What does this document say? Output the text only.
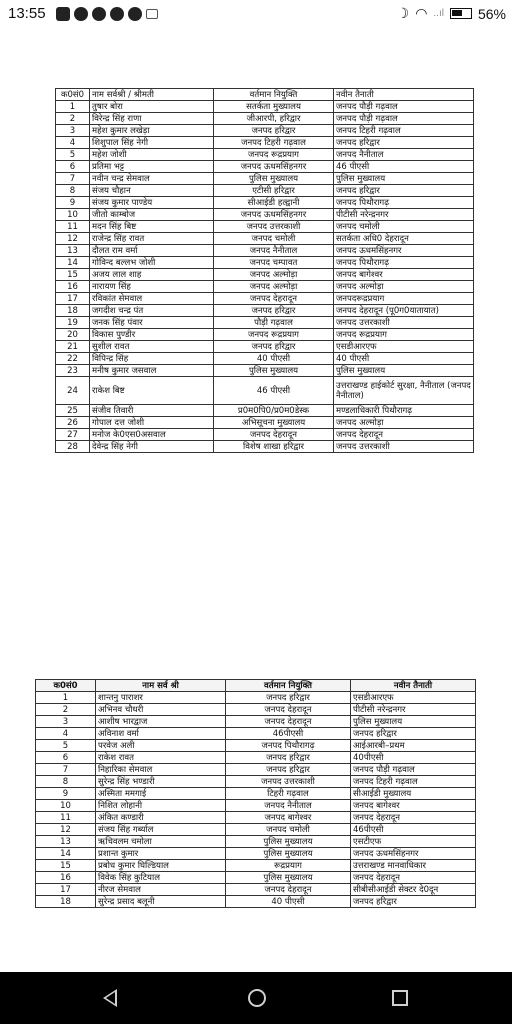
13:55	☽ ◠ ..ıl 56%
क0सं0	नाम सर्वश्री / श्रीमती	वर्तमान नियुक्ति	नवीन तैनाती
1	तुषार बोरा	सतर्कता मुख्यालय	जनपद पौड़ी गढ़वाल
2	विरेन्द्र सिंह राणा	जीआरपी, हरिद्वार	जनपद पौड़ी गढ़वाल
3	महेश कुमार लखेड़ा	जनपद हरिद्वार	जनपद टिहरी गढ़वाल
4	शिशुपाल सिंह नेगी	जनपद टिहरी गढ़वाल	जनपद हरिद्वार
5	महेश जोशी	जनपद रूद्रप्रयाग	जनपद नैनीताल
6	प्रतिमा भट्ट	जनपद ऊधमसिंहनगर	46 पीएसी
7	नवीन चन्द्र सेमवाल	पुलिस मुख्यालय	पुलिस मुख्यालय
8	संजय चौहान	एटीसी हरिद्वार	जनपद हरिद्वार
9	संजय कुमार पाण्डेय	सीआईडी हल्द्वानी	जनपद पिथौरागढ़
10	जीतो काम्बोज	जनपद ऊधमसिंहनगर	पीटीसी नरेन्द्रनगर
11	मदन सिंह बिष्ट	जनपद उत्तरकाशी	जनपद चमोली
12	राजेन्द्र सिंह रावत	जनपद चमोली	सतर्कता अधि0 देहरादून
13	दौलत राम वर्मा	जनपद नैनीताल	जनपद ऊधमसिंहनगर
14	गोविन्द बल्लभ जोशी	जनपद चम्पावत	जनपद पिथौरागढ़
15	अजय लाल शाह	जनपद अल्मोड़ा	जनपद बागेश्वर
16	नारायण सिंह	जनपद अल्मोड़ा	जनपद अल्मोड़ा
17	रविकांत सेमवाल	जनपद देहरादून	जनपदरूद्रप्रयाग
18	जगदीश चन्द्र पंत	जनपद हरिद्वार	जनपद देहरादून (पू0ग0यातायात)
19	जनक सिंह पंवार	पौड़ी गढ़वाल	जनपद उत्तरकाशी
20	विकास पुण्डीर	जनपद रूद्रप्रयाग	जनपद रूद्रप्रयाग
21	सुशील रावत	जनपद हरिद्वार	एसडीआरएफ
22	विपिन्द्र सिंह	40 पीएसी	40 पीएसी
23	मनीष कुमार जसवाल	पुलिस मुख्यालय	पुलिस मुख्यालय
24	राकेश बिष्ट	46 पीएसी	उत्तराखण्ड हाईकोर्ट सुरक्षा, नैनीताल (जनपद नैनीताल)
25	संजीव तिवारी	प्र0म0पि0/प्र0म0डेस्क	मण्डलाधिकारी पिथौरागढ़
26	गोपाल दत्त जोशी	अभिसूचना मुख्यालय	जनपद अल्मोड़ा
27	मनोज के0एस0असवाल	जनपद देहरादून	जनपद देहरादून
28	देवेन्द्र सिंह नेगी	विशेष शाखा हरिद्वार	जनपद उत्तरकाशी
क0सं0	नाम सर्व श्री	वर्तमान नियुक्ति	नवीन तैनाती
1	शान्तनु पाराशर	जनपद हरिद्वार	एसडीआरएफ
2	अभिनव चौधरी	जनपद देहरादून	पीटीसी नरेन्द्रनगर
3	आशीष भारद्वाज	जनपद देहरादून	पुलिस मुख्यालय
4	अविनाश वर्मा	46पीएसी	जनपद हरिद्वार
5	परवेज अली	जनपद पिथौरागढ़	आईआरबी–प्रथम
6	राकेश रावत	जनपद हरिद्वार	40पीएसी
7	निहारिका सेमवाल	जनपद हरिद्वार	जनपद पौड़ी गढ़वाल
8	सुरेन्द्र सिंह भण्डारी	जनपद उत्तरकाशी	जनपद टिहरी गढ़वाल
9	अस्मिता ममगाई	टिहरी गढ़वाल	सीआईडी मुख्यालय
10	निशित लोहानी	जनपद नैनीताल	जनपद बागेश्वर
11	अंकित कण्डारी	जनपद बागेश्वर	जनपद देहरादून
12	संजय सिंह गर्ब्याल	जनपद चमोली	46पीएसी
13	ऋचिवलम चमोला	पुलिस मुख्यालय	एसटीएफ
14	प्रशान्त कुमार	पुलिस मुख्यालय	जनपद ऊधमसिंहनगर
15	प्रबोध कुमार घिल्डियाल	रूद्रप्रयाग	उत्तराखण्ड मानवाधिकार
16	विवेक सिंह कुटियाल	पुलिस मुख्यालय	जनपद देहरादून
17	नीरज सेमवाल	जनपद देहरादून	सीबीसीआईडी सेक्टर दे0दून
18	सुरेन्द्र प्रसाद बलूनी	40 पीएसी	जनपद हरिद्वार
